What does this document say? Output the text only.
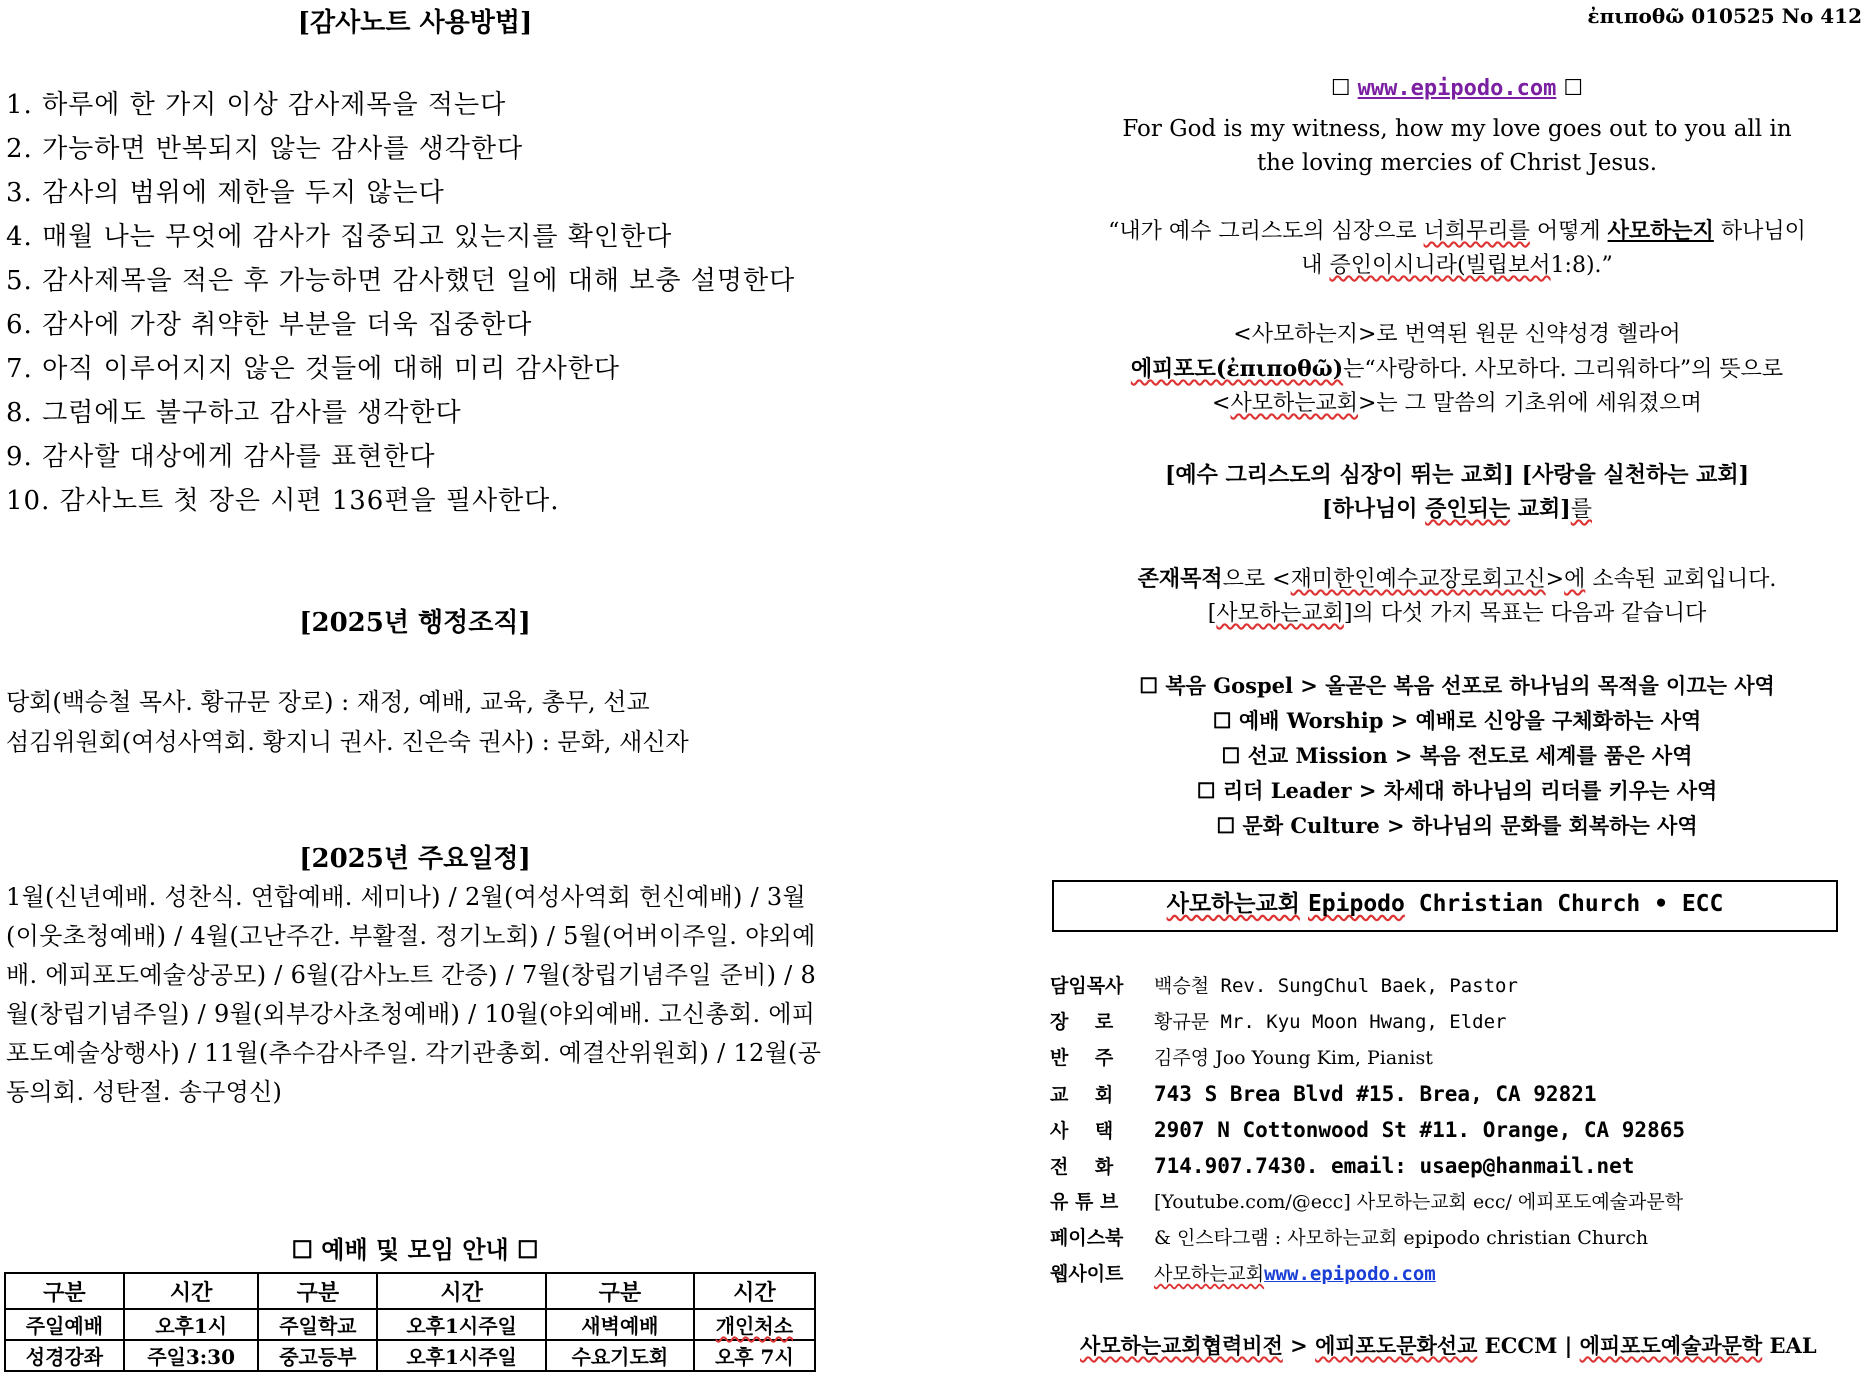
[감사노트 사용방법]
1. 하루에 한 가지 이상 감사제목을 적는다
2. 가능하면 반복되지 않는 감사를 생각한다
3. 감사의 범위에 제한을 두지 않는다
4. 매월 나는 무엇에 감사가 집중되고 있는지를 확인한다
5. 감사제목을 적은 후 가능하면 감사했던 일에 대해 보충 설명한다
6. 감사에 가장 취약한 부분을 더욱 집중한다
7. 아직 이루어지지 않은 것들에 대해 미리 감사한다
8. 그럼에도 불구하고 감사를 생각한다
9. 감사할 대상에게 감사를 표현한다
10. 감사노트 첫 장은 시편 136편을 필사한다.
[2025년 행정조직]
당회(백승철 목사. 황규문 장로) : 재정, 예배, 교육, 총무, 선교
섬김위원회(여성사역회. 황지니 권사. 진은숙 권사) : 문화, 새신자
[2025년 주요일정]
1월(신년예배. 성찬식. 연합예배. 세미나) / 2월(여성사역회 헌신예배) / 3월(이웃초청예배) / 4월(고난주간. 부활절. 정기노회) / 5월(어버이주일. 야외예배. 에피포도예술상공모) / 6월(감사노트 간증) / 7월(창립기념주일 준비) / 8월(창립기념주일) / 9월(외부강사초청예배) / 10월(야외예배. 고신총회. 에피포도예술상행사) / 11월(추수감사주일. 각기관총회. 예결산위원회) / 12월(공동의회. 성탄절. 송구영신)
☐ 예배 및 모임 안내 ☐
구분	시간	구분	시간	구분	시간
주일예배	오후1시	주일학교	오후1시주일	새벽예배	개인처소
성경강좌	주일3:30	중고등부	오후1시주일	수요기도회	오후 7시
ἐπιποθῶ 010525 No 412
☐ www.epipodo.com ☐
For God is my witness, how my love goes out to you all in
the loving mercies of Christ Jesus.
“내가 예수 그리스도의 심장으로 너희무리를 어떻게 사모하는지 하나님이
내 증인이시니라(빌립보서1:8).”
<사모하는지>로 번역된 원문 신약성경 헬라어
에피포도(ἐπιποθῶ)는“사랑하다. 사모하다. 그리워하다”의 뜻으로
<사모하는교회>는 그 말씀의 기초위에 세워졌으며
[예수 그리스도의 심장이 뛰는 교회] [사랑을 실천하는 교회]
[하나님이 증인되는 교회]를
존재목적으로 <재미한인예수교장로회고신>에 소속된 교회입니다.
[사모하는교회]의 다섯 가지 목표는 다음과 같습니다
☐ 복음 Gospel > 올곧은 복음 선포로 하나님의 목적을 이끄는 사역
☐ 예배 Worship > 예배로 신앙을 구체화하는 사역
☐ 선교 Mission > 복음 전도로 세계를 품은 사역
☐ 리더 Leader > 차세대 하나님의 리더를 키우는 사역
☐ 문화 Culture > 하나님의 문화를 회복하는 사역
사모하는교회 Epipodo Christian Church • ECC
담임목사 백승철 Rev. SungChul Baek, Pastor
장    로 황규문 Mr. Kyu Moon Hwang, Elder
반    주 김주영 Joo Young Kim, Pianist
교    회 743 S Brea Blvd #15. Brea, CA 92821
사    택 2907 N Cottonwood St #11. Orange, CA 92865
전    화 714.907.7430. email: usaep@hanmail.net
유 튜 브 [Youtube.com/@ecc] 사모하는교회 ecc/ 에피포도예술과문학
페이스북 & 인스타그램 : 사모하는교회 epipodo christian Church
웹사이트 사모하는교회www.epipodo.com
사모하는교회협력비전 > 에피포도문화선교 ECCM | 에피포도예술과문학 EAL
